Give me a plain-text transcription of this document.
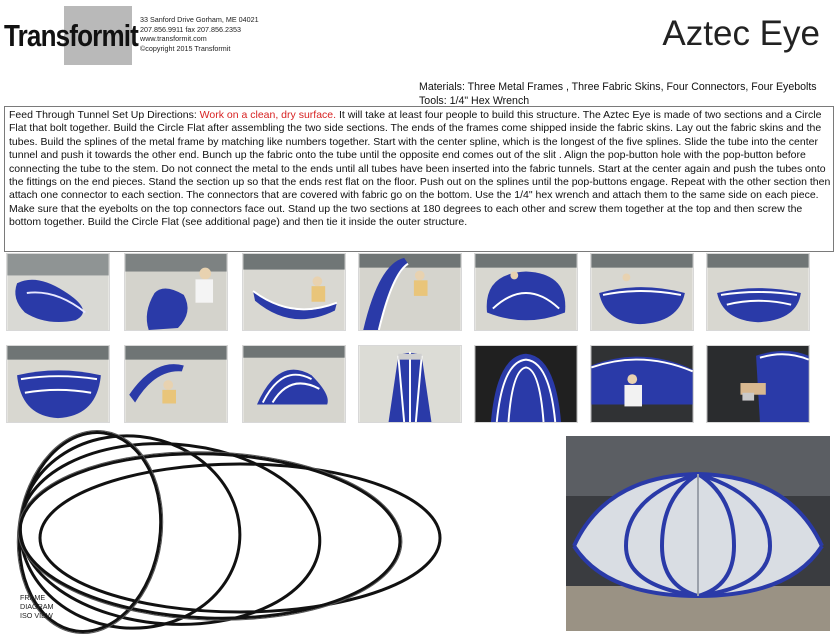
Transformit 33 Sanford Drive Gorham, ME 04021
207.856.9911 fax 207.856.2353
www.transformit.com
©copyright 2015 Transformit	Aztec Eye
Materials: Three Metal Frames , Three Fabric Skins, Four Connectors, Four Eyebolts
Tools: 1/4" Hex Wrench
Feed Through Tunnel Set Up Directions: Work on a clean, dry surface. It will take at least four people to build this structure. The Aztec Eye is made of two sections and a Circle Flat that bolt together. Build the Circle Flat after assembling the two side sections. The ends of the frames come shipped inside the fabric skins. Lay out the fabric skins and the tubes. Build the splines of the metal frame by matching like numbers together. Start with the center spline, which is the longest of the five splines. Slide the tube into the center tunnel and push it towards the other end. Bunch up the fabric onto the tube until the opposite end comes out of the slit . Align the pop-button hole with the pop-button before connecting the tube to the stem. Do not connect the metal to the ends until all tubes have been inserted into the fabric tunnels. Start at the center again and push the tubes onto the fittings on the end pieces. Stand the section up so that the ends rest flat on the floor. Push out on the splines until the pop-buttons engage. Repeat with the other section then attach one connector to each section. The connectors that are covered with fabric go on the bottom. Use the 1/4" hex wrench and attach them to the same side on each piece. Make sure that the eyebolts on the top connectors face out. Stand up the two sections at 180 degrees to each other and screw them together at the top and then screw the bottom together. Build the Circle Flat (see additional page) and then tie it inside the outer structure.
FRAME
DIAGRAM
ISO VIEW
